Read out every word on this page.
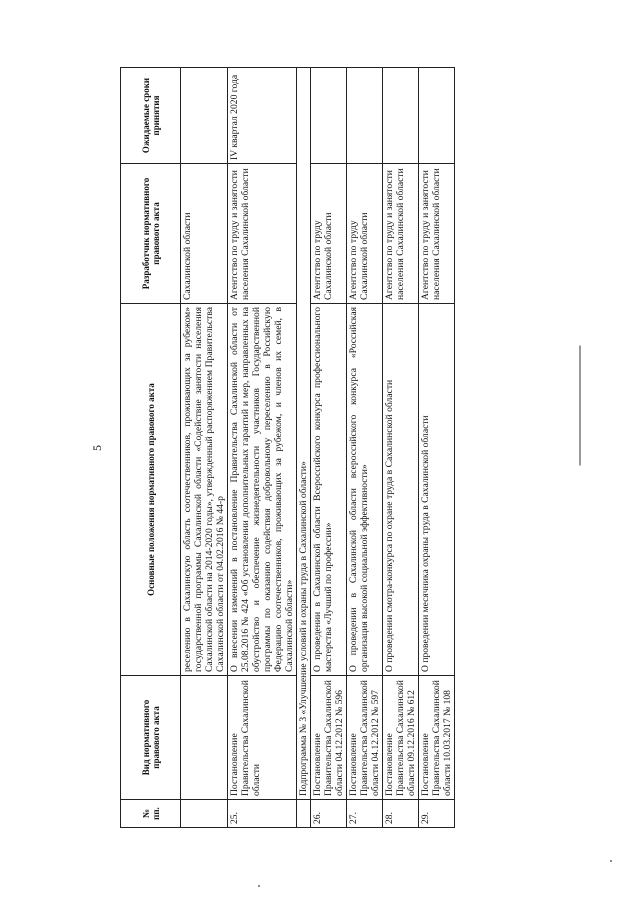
5
№ пп.	Вид нормативного правового акта	Основные положения нормативного правового акта	Разработчик нормативного правового акта	Ожидаемые сроки принятия
		реселению в Сахалинскую область соотечественников, проживающих за рубежом» государственной программы Сахалинской области «Содействие занятости населения Сахалинской области на 2014-2020 годы», утвержденный распоряжением Правительства Сахалинской области от 04.02.2016 № 44-р	Сахалинской области	
25.	Постановление Правительства Сахалинской области	О внесении изменений в постановление Правительства Сахалинской области от 25.08.2016 № 424 «Об установлении дополнительных гарантий и мер, направленных на обустройство и обеспечение жизнедеятельности участников Государственной программы по оказанию содействия добровольному переселению в Российскую Федерацию соотечественников, проживающих за рубежом, и членов их семей, в Сахалинской области»	Агентство по труду и занятости населения Сахалинской области	IV квартал 2020 года
	Подпрограмма № 3 «Улучшение условий и охраны труда в Сахалинской области»			
26.	Постановление Правительства Сахалинской области 04.12.2012 № 596	О проведении в Сахалинской области Всероссийского конкурса профессионального мастерства «Лучший по профессии»	Агентство по труду Сахалинской области	
27.	Постановление Правительства Сахалинской области 04.12.2012 № 597	О проведении в Сахалинской области всероссийского конкурса «Российская организация высокой социальной эффективности»	Агентство по труду Сахалинской области	
28.	Постановление Правительства Сахалинской области 09.12.2016 № 612	О проведении смотра-конкурса по охране труда в Сахалинской области	Агентство по труду и занятости населения Сахалинской области	
29.	Постановление Правительства Сахалинской области 10.03.2017 № 108	О проведении месячника охраны труда в Сахалинской области	Агентство по труду и занятости населения Сахалинской области	
